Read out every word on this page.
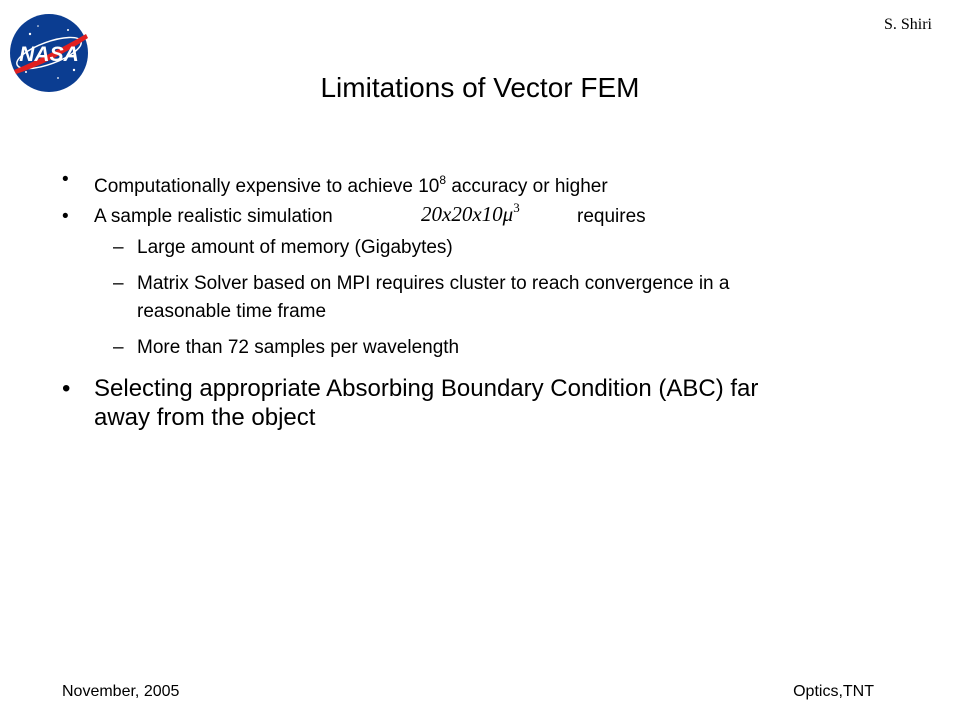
NASA
S. Shiri
Limitations of Vector FEM
• Computationally expensive to achieve $10^8$ accuracy or higher
• A sample realistic simulation	$20x20x10\mu^3$	requires
– Large amount of memory (Gigabytes)
– Matrix Solver based on MPI requires cluster to reach convergence in a
reasonable time frame
– More than 72 samples per wavelength
• Selecting appropriate Absorbing Boundary Condition (ABC) far
away from the object
November, 2005	Optics,TNT
